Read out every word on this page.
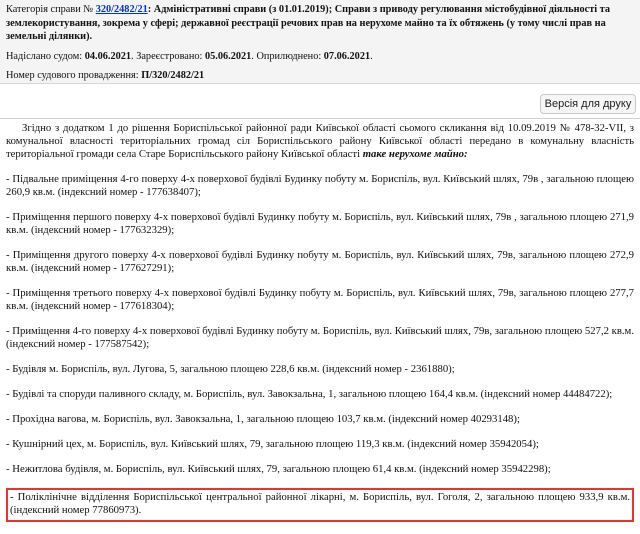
Категорія справи № 320/2482/21: Адміністративні справи (з 01.01.2019); Справи з приводу регулювання містобудівної діяльності та землекористування, зокрема у сфері; державної реєстрації речових прав на нерухоме майно та їх обтяжень (у тому числі прав на земельні ділянки).
Надіслано судом: 04.06.2021. Зареєстровано: 05.06.2021. Оприлюднено: 07.06.2021.
Номер судового провадження: П/320/2482/21
Версія для друку

Згідно з додатком 1 до рішення Бориспільської районної ради Київської області сьомого скликання від 10.09.2019 № 478-32-VII, з комунальної власності територіальних громад сіл Бориспільського району Київської області передано в комунальну власність територіальної громади села Старе Бориспільського району Київської області таке нерухоме майно:

- Підвальне приміщення 4-го поверху 4-х поверхової будівлі Будинку побуту м. Бориспіль, вул. Київський шлях, 79в , загальною площею 260,9 кв.м. (індексний номер - 177638407);

- Приміщення першого поверху 4-х поверхової будівлі Будинку побуту м. Бориспіль, вул. Київський шлях, 79в , загальною площею 271,9 кв.м. (індексний номер - 177632329);

- Приміщення другого поверху 4-х поверхової будівлі Будинку побуту м. Бориспіль, вул. Київський шлях, 79в, загальною площею 272,9 кв.м. (індексний номер - 177627291);

- Приміщення третього поверху 4-х поверхової будівлі Будинку побуту м. Бориспіль, вул. Київський шлях, 79в, загальною площею 277,7 кв.м. (індексний номер - 177618304);

- Приміщення 4-го поверху 4-х поверхової будівлі Будинку побуту м. Бориспіль, вул. Київський шлях, 79в, загальною площею 527,2 кв.м. (індексний номер - 177587542);

- Будівля м. Бориспіль, вул. Лугова, 5, загальною площею 228,6 кв.м. (індексний номер - 2361880);

- Будівлі та споруди паливного складу, м. Бориспіль, вул. Завокзальна, 1, загальною площею 164,4 кв.м. (індексний номер 44484722);

- Прохідна вагова, м. Бориспіль, вул. Завокзальна, 1, загальною площею 103,7 кв.м. (індексний номер 40293148);

- Кушнірний цех, м. Бориспіль, вул. Київський шлях, 79, загальною площею 119,3 кв.м. (індексний номер 35942054);

- Нежитлова будівля, м. Бориспіль, вул. Київський шлях, 79, загальною площею 61,4 кв.м. (індексний номер 35942298);

- Поліклінічне відділення Бориспільської центральної районної лікарні, м. Бориспіль, вул. Гоголя, 2, загальною площею 933,9 кв.м. (індексний номер 77860973).
